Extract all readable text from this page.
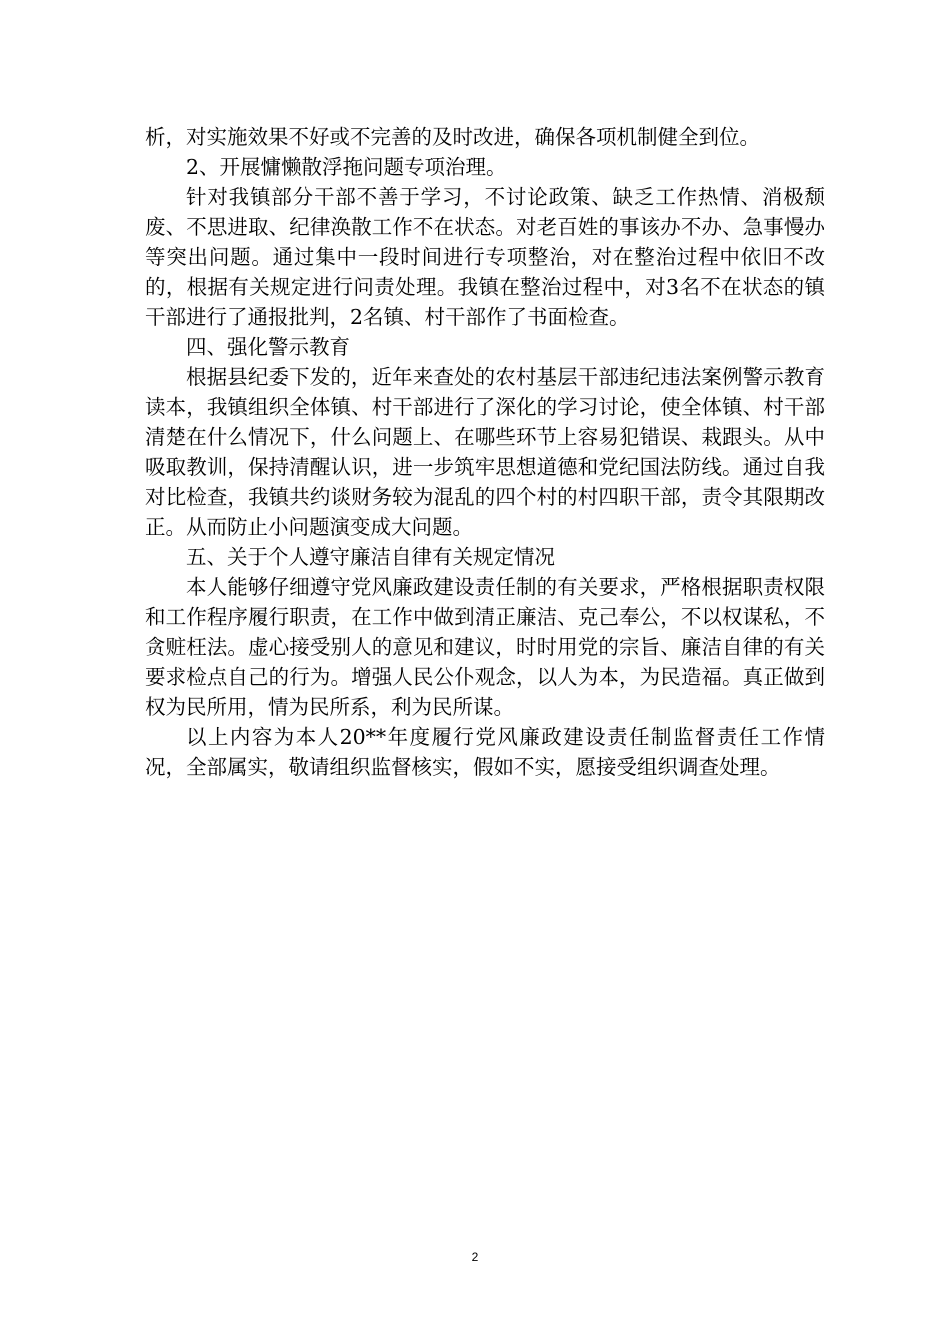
析，对实施效果不好或不完善的及时改进，确保各项机制健全到位。

2、开展慵懒散浮拖问题专项治理。

针对我镇部分干部不善于学习，不讨论政策、缺乏工作热情、消极颓废、不思进取、纪律涣散工作不在状态。对老百姓的事该办不办、急事慢办等突出问题。通过集中一段时间进行专项整治，对在整治过程中依旧不改的，根据有关规定进行问责处理。我镇在整治过程中，对3名不在状态的镇干部进行了通报批判，2名镇、村干部作了书面检查。

四、强化警示教育

根据县纪委下发的，近年来查处的农村基层干部违纪违法案例警示教育读本，我镇组织全体镇、村干部进行了深化的学习讨论，使全体镇、村干部清楚在什么情况下，什么问题上、在哪些环节上容易犯错误、栽跟头。从中吸取教训，保持清醒认识，进一步筑牢思想道德和党纪国法防线。通过自我对比检查，我镇共约谈财务较为混乱的四个村的村四职干部，责令其限期改正。从而防止小问题演变成大问题。

五、关于个人遵守廉洁自律有关规定情况

本人能够仔细遵守党风廉政建设责任制的有关要求，严格根据职责权限和工作程序履行职责，在工作中做到清正廉洁、克己奉公，不以权谋私，不贪赃枉法。虚心接受别人的意见和建议，时时用党的宗旨、廉洁自律的有关要求检点自己的行为。增强人民公仆观念，以人为本，为民造福。真正做到权为民所用，情为民所系，利为民所谋。

以上内容为本人20**年度履行党风廉政建设责任制监督责任工作情况，全部属实，敬请组织监督核实，假如不实，愿接受组织调查处理。

2
